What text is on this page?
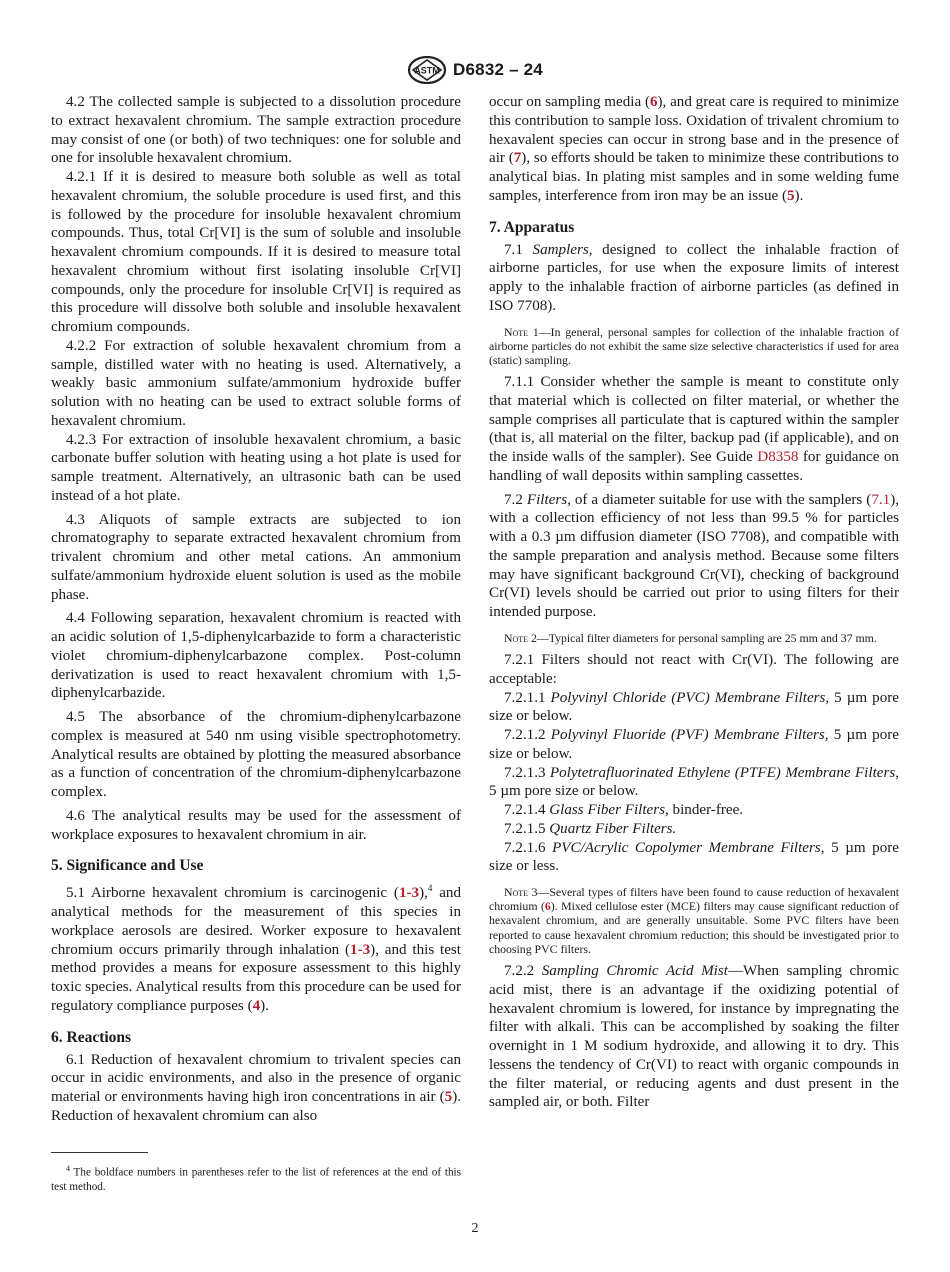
ASTM D6832 – 24

4.2 The collected sample is subjected to a dissolution procedure to extract hexavalent chromium. The sample extraction procedure may consist of one (or both) of two techniques: one for soluble and one for insoluble hexavalent chromium.

4.2.1 If it is desired to measure both soluble as well as total hexavalent chromium, the soluble procedure is used first, and this is followed by the procedure for insoluble hexavalent chromium compounds. Thus, total Cr[VI] is the sum of soluble and insoluble hexavalent chromium compounds. If it is desired to measure total hexavalent chromium without first isolating insoluble Cr[VI] compounds, only the procedure for insoluble Cr[VI] is required as this procedure will dissolve both soluble and insoluble hexavalent chromium compounds.

4.2.2 For extraction of soluble hexavalent chromium from a sample, distilled water with no heating is used. Alternatively, a weakly basic ammonium sulfate/ammonium hydroxide buffer solution with no heating can be used to extract soluble forms of hexavalent chromium.

4.2.3 For extraction of insoluble hexavalent chromium, a basic carbonate buffer solution with heating using a hot plate is used for sample treatment. Alternatively, an ultrasonic bath can be used instead of a hot plate.

4.3 Aliquots of sample extracts are subjected to ion chromatography to separate extracted hexavalent chromium from trivalent chromium and other metal cations. An ammonium sulfate/ammonium hydroxide eluent solution is used as the mobile phase.

4.4 Following separation, hexavalent chromium is reacted with an acidic solution of 1,5-diphenylcarbazide to form a characteristic violet chromium-diphenylcarbazone complex. Post-column derivatization is used to react hexavalent chromium with 1,5-diphenylcarbazide.

4.5 The absorbance of the chromium-diphenylcarbazone complex is measured at 540 nm using visible spectrophotometry. Analytical results are obtained by plotting the measured absorbance as a function of concentration of the chromium-diphenylcarbazone complex.

4.6 The analytical results may be used for the assessment of workplace exposures to hexavalent chromium in air.

5. Significance and Use

5.1 Airborne hexavalent chromium is carcinogenic (1-3),$^4$ and analytical methods for the measurement of this species in workplace aerosols are desired. Worker exposure to hexavalent chromium occurs primarily through inhalation (1-3), and this test method provides a means for exposure assessment to this highly toxic species. Analytical results from this procedure can be used for regulatory compliance purposes (4).

6. Reactions

6.1 Reduction of hexavalent chromium to trivalent species can occur in acidic environments, and also in the presence of organic material or environments having high iron concentrations in air (5). Reduction of hexavalent chromium can also

occur on sampling media (6), and great care is required to minimize this contribution to sample loss. Oxidation of trivalent chromium to hexavalent species can occur in strong base and in the presence of air (7), so efforts should be taken to minimize these contributions to analytical bias. In plating mist samples and in some welding fume samples, interference from iron may be an issue (5).

7. Apparatus

7.1 Samplers, designed to collect the inhalable fraction of airborne particles, for use when the exposure limits of interest apply to the inhalable fraction of airborne particles (as defined in ISO 7708).

Note 1—In general, personal samples for collection of the inhalable fraction of airborne particles do not exhibit the same size selective characteristics if used for area (static) sampling.

7.1.1 Consider whether the sample is meant to constitute only that material which is collected on filter material, or whether the sample comprises all particulate that is captured within the sampler (that is, all material on the filter, backup pad (if applicable), and on the inside walls of the sampler). See Guide D8358 for guidance on handling of wall deposits within sampling cassettes.

7.2 Filters, of a diameter suitable for use with the samplers (7.1), with a collection efficiency of not less than 99.5 % for particles with a 0.3 µm diffusion diameter (ISO 7708), and compatible with the sample preparation and analysis method. Because some filters may have significant background Cr(VI), checking of background Cr(VI) levels should be carried out prior to using filters for their intended purpose.

Note 2—Typical filter diameters for personal sampling are 25 mm and 37 mm.

7.2.1 Filters should not react with Cr(VI). The following are acceptable:

7.2.1.1 Polyvinyl Chloride (PVC) Membrane Filters, 5 µm pore size or below.

7.2.1.2 Polyvinyl Fluoride (PVF) Membrane Filters, 5 µm pore size or below.

7.2.1.3 Polytetrafluorinated Ethylene (PTFE) Membrane Filters, 5 µm pore size or below.

7.2.1.4 Glass Fiber Filters, binder-free.

7.2.1.5 Quartz Fiber Filters.

7.2.1.6 PVC/Acrylic Copolymer Membrane Filters, 5 µm pore size or less.

Note 3—Several types of filters have been found to cause reduction of hexavalent chromium (6). Mixed cellulose ester (MCE) filters may cause significant reduction of hexavalent chromium, and are generally unsuitable. Some PVC filters have been reported to cause hexavalent chromium reduction; this should be investigated prior to choosing PVC filters.

7.2.2 Sampling Chromic Acid Mist—When sampling chromic acid mist, there is an advantage if the oxidizing potential of hexavalent chromium is lowered, for instance by impregnating the filter with alkali. This can be accomplished by soaking the filter overnight in 1 M sodium hydroxide, and allowing it to dry. This lessens the tendency of Cr(VI) to react with organic compounds in the filter material, or reducing agents and dust present in the sampled air, or both. Filter

$^4$ The boldface numbers in parentheses refer to the list of references at the end of this test method.

2
